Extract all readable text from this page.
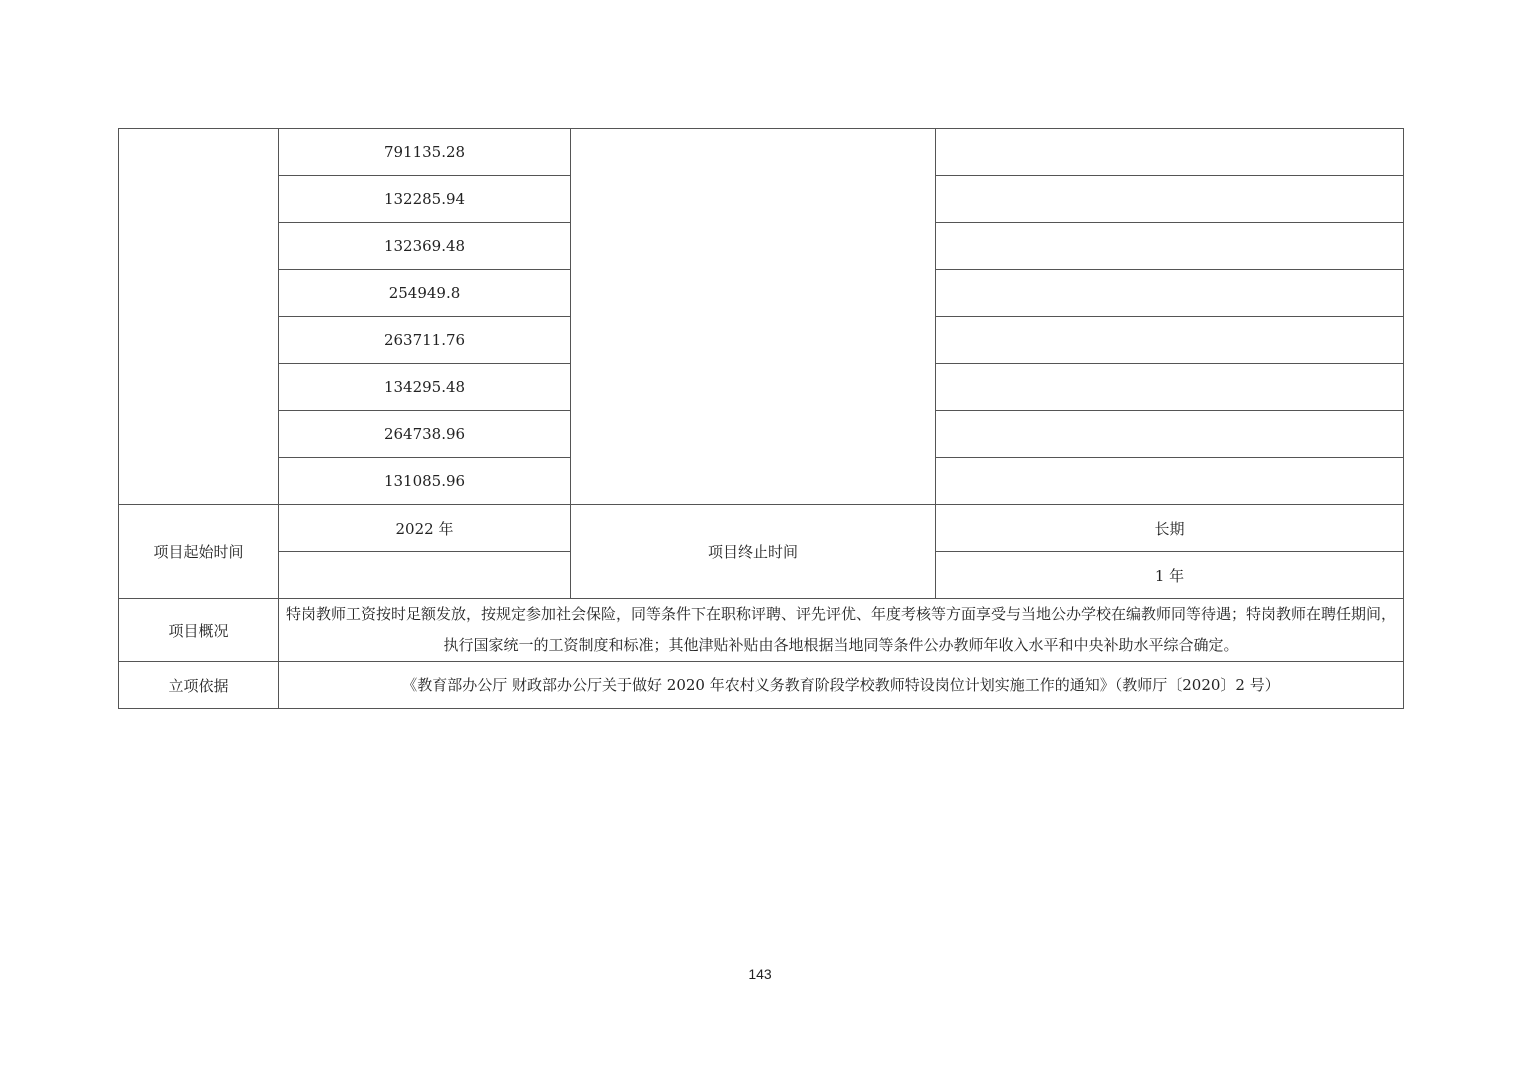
	791135.28		
	132285.94		
	132369.48		
	254949.8		
	263711.76		
	134295.48		
	264738.96		
	131085.96		
项目起始时间	2022 年	项目终止时间	长期
			1 年
项目概况	特岗教师工资按时足额发放，按规定参加社会保险，同等条件下在职称评聘、评先评优、年度考核等方面享受与当地公办学校在编教师同等待遇；特岗教师在聘任期间，执行国家统一的工资制度和标准；其他津贴补贴由各地根据当地同等条件公办教师年收入水平和中央补助水平综合确定。		
立项依据	《教育部办公厅 财政部办公厅关于做好 2020 年农村义务教育阶段学校教师特设岗位计划实施工作的通知》（教师厅〔2020〕2 号）		
143
